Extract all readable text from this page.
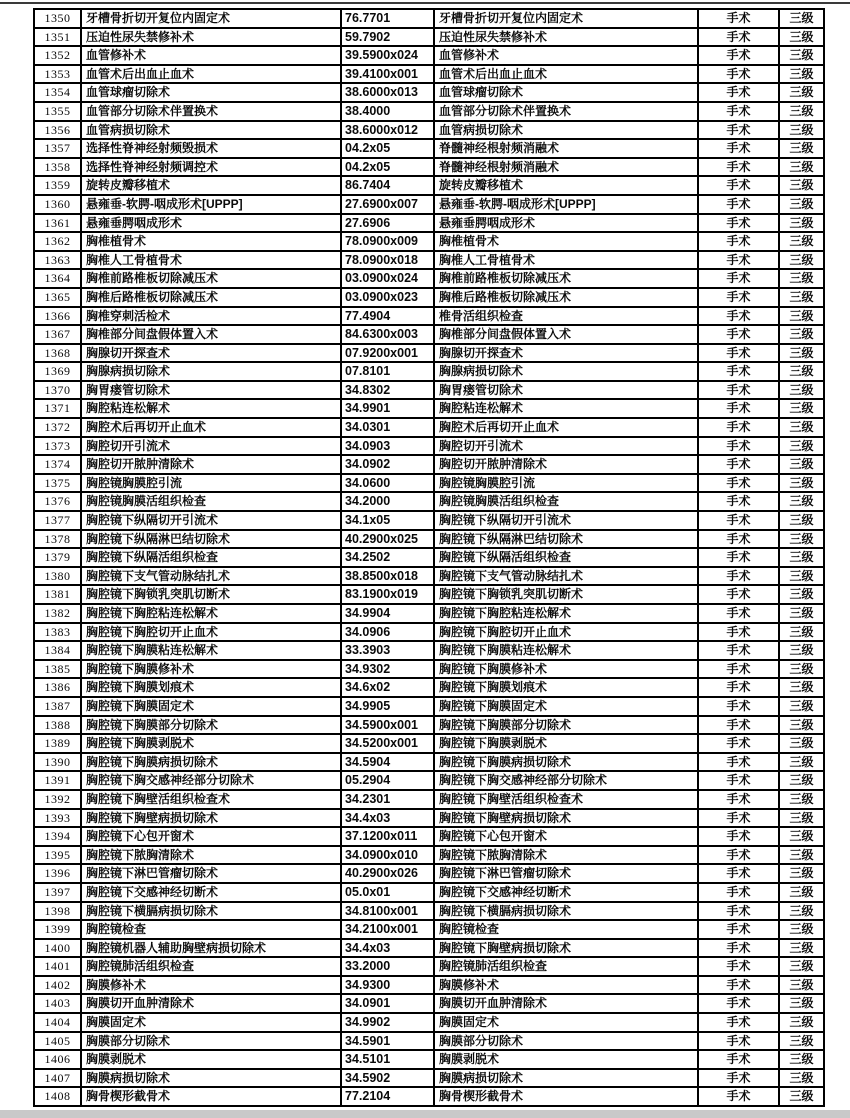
1350	牙槽骨折切开复位内固定术	76.7701	牙槽骨折切开复位内固定术	手术	三级
1351	压迫性尿失禁修补术	59.7902	压迫性尿失禁修补术	手术	三级
1352	血管修补术	39.5900x024	血管修补术	手术	三级
1353	血管术后出血止血术	39.4100x001	血管术后出血止血术	手术	三级
1354	血管球瘤切除术	38.6000x013	血管球瘤切除术	手术	三级
1355	血管部分切除术伴置换术	38.4000	血管部分切除术伴置换术	手术	三级
1356	血管病损切除术	38.6000x012	血管病损切除术	手术	三级
1357	选择性脊神经射频毁损术	04.2x05	脊髓神经根射频消融术	手术	三级
1358	选择性脊神经射频调控术	04.2x05	脊髓神经根射频消融术	手术	三级
1359	旋转皮瓣移植术	86.7404	旋转皮瓣移植术	手术	三级
1360	悬雍垂-软腭-咽成形术[UPPP]	27.6900x007	悬雍垂-软腭-咽成形术[UPPP]	手术	三级
1361	悬雍垂腭咽成形术	27.6906	悬雍垂腭咽成形术	手术	三级
1362	胸椎植骨术	78.0900x009	胸椎植骨术	手术	三级
1363	胸椎人工骨植骨术	78.0900x018	胸椎人工骨植骨术	手术	三级
1364	胸椎前路椎板切除减压术	03.0900x024	胸椎前路椎板切除减压术	手术	三级
1365	胸椎后路椎板切除减压术	03.0900x023	胸椎后路椎板切除减压术	手术	三级
1366	胸椎穿刺活检术	77.4904	椎骨活组织检查	手术	三级
1367	胸椎部分间盘假体置入术	84.6300x003	胸椎部分间盘假体置入术	手术	三级
1368	胸腺切开探查术	07.9200x001	胸腺切开探查术	手术	三级
1369	胸腺病损切除术	07.8101	胸腺病损切除术	手术	三级
1370	胸胃瘘管切除术	34.8302	胸胃瘘管切除术	手术	三级
1371	胸腔粘连松解术	34.9901	胸腔粘连松解术	手术	三级
1372	胸腔术后再切开止血术	34.0301	胸腔术后再切开止血术	手术	三级
1373	胸腔切开引流术	34.0903	胸腔切开引流术	手术	三级
1374	胸腔切开脓肿清除术	34.0902	胸腔切开脓肿清除术	手术	三级
1375	胸腔镜胸膜腔引流	34.0600	胸腔镜胸膜腔引流	手术	三级
1376	胸腔镜胸膜活组织检查	34.2000	胸腔镜胸膜活组织检查	手术	三级
1377	胸腔镜下纵隔切开引流术	34.1x05	胸腔镜下纵隔切开引流术	手术	三级
1378	胸腔镜下纵隔淋巴结切除术	40.2900x025	胸腔镜下纵隔淋巴结切除术	手术	三级
1379	胸腔镜下纵隔活组织检查	34.2502	胸腔镜下纵隔活组织检查	手术	三级
1380	胸腔镜下支气管动脉结扎术	38.8500x018	胸腔镜下支气管动脉结扎术	手术	三级
1381	胸腔镜下胸锁乳突肌切断术	83.1900x019	胸腔镜下胸锁乳突肌切断术	手术	三级
1382	胸腔镜下胸腔粘连松解术	34.9904	胸腔镜下胸腔粘连松解术	手术	三级
1383	胸腔镜下胸腔切开止血术	34.0906	胸腔镜下胸腔切开止血术	手术	三级
1384	胸腔镜下胸膜粘连松解术	33.3903	胸腔镜下胸膜粘连松解术	手术	三级
1385	胸腔镜下胸膜修补术	34.9302	胸腔镜下胸膜修补术	手术	三级
1386	胸腔镜下胸膜划痕术	34.6x02	胸腔镜下胸膜划痕术	手术	三级
1387	胸腔镜下胸膜固定术	34.9905	胸腔镜下胸膜固定术	手术	三级
1388	胸腔镜下胸膜部分切除术	34.5900x001	胸腔镜下胸膜部分切除术	手术	三级
1389	胸腔镜下胸膜剥脱术	34.5200x001	胸腔镜下胸膜剥脱术	手术	三级
1390	胸腔镜下胸膜病损切除术	34.5904	胸腔镜下胸膜病损切除术	手术	三级
1391	胸腔镜下胸交感神经部分切除术	05.2904	胸腔镜下胸交感神经部分切除术	手术	三级
1392	胸腔镜下胸壁活组织检查术	34.2301	胸腔镜下胸壁活组织检查术	手术	三级
1393	胸腔镜下胸壁病损切除术	34.4x03	胸腔镜下胸壁病损切除术	手术	三级
1394	胸腔镜下心包开窗术	37.1200x011	胸腔镜下心包开窗术	手术	三级
1395	胸腔镜下脓胸清除术	34.0900x010	胸腔镜下脓胸清除术	手术	三级
1396	胸腔镜下淋巴管瘤切除术	40.2900x026	胸腔镜下淋巴管瘤切除术	手术	三级
1397	胸腔镜下交感神经切断术	05.0x01	胸腔镜下交感神经切断术	手术	三级
1398	胸腔镜下横膈病损切除术	34.8100x001	胸腔镜下横膈病损切除术	手术	三级
1399	胸腔镜检查	34.2100x001	胸腔镜检查	手术	三级
1400	胸腔镜机器人辅助胸壁病损切除术	34.4x03	胸腔镜下胸壁病损切除术	手术	三级
1401	胸腔镜肺活组织检查	33.2000	胸腔镜肺活组织检查	手术	三级
1402	胸膜修补术	34.9300	胸膜修补术	手术	三级
1403	胸膜切开血肿清除术	34.0901	胸膜切开血肿清除术	手术	三级
1404	胸膜固定术	34.9902	胸膜固定术	手术	三级
1405	胸膜部分切除术	34.5901	胸膜部分切除术	手术	三级
1406	胸膜剥脱术	34.5101	胸膜剥脱术	手术	三级
1407	胸膜病损切除术	34.5902	胸膜病损切除术	手术	三级
1408	胸骨楔形截骨术	77.2104	胸骨楔形截骨术	手术	三级
